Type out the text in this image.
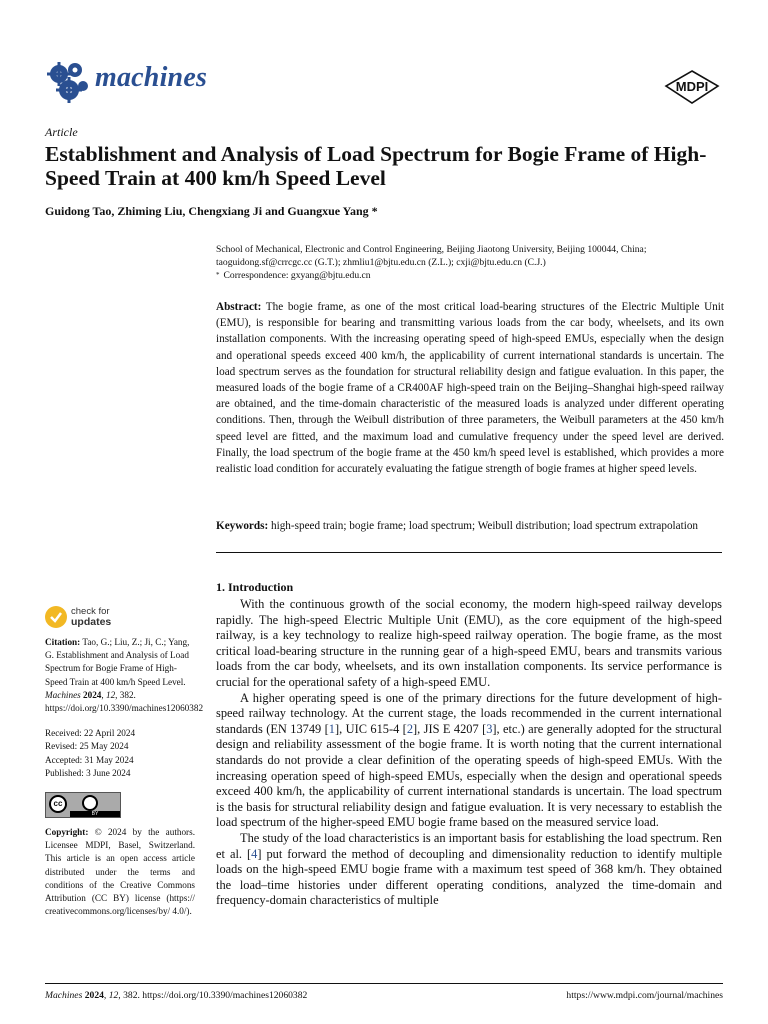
machines	MDPI
Article
Establishment and Analysis of Load Spectrum for Bogie Frame of High-Speed Train at 400 km/h Speed Level
Guidong Tao, Zhiming Liu, Chengxiang Ji and Guangxue Yang *

School of Mechanical, Electronic and Control Engineering, Beijing Jiaotong University, Beijing 100044, China; taoguidong.sf@crrcgc.cc (G.T.); zhmliu1@bjtu.edu.cn (Z.L.); cxji@bjtu.edu.cn (C.J.)

* Correspondence: gxyang@bjtu.edu.cn

Abstract: The bogie frame, as one of the most critical load-bearing structures of the Electric Multiple Unit (EMU), is responsible for bearing and transmitting various loads from the car body, wheelsets, and its own installation components. With the increasing operating speed of high-speed EMUs, especially when the design and operational speeds exceed 400 km/h, the applicability of current international standards is uncertain. The load spectrum serves as the foundation for structural reliability design and fatigue evaluation. In this paper, the measured loads of the bogie frame of a CR400AF high-speed train on the Beijing–Shanghai high-speed railway are obtained, and the time-domain characteristic of the measured loads is analyzed under different operating conditions. Then, through the Weibull distribution of three parameters, the Weibull parameters at the 450 km/h speed level are fitted, and the maximum load and cumulative frequency under the speed level are derived. Finally, the load spectrum of the bogie frame at the 450 km/h speed level is established, which provides a more realistic load condition for accurately evaluating the fatigue strength of bogie frames at higher speed levels.
Keywords: high-speed train; bogie frame; load spectrum; Weibull distribution; load spectrum extrapolation
1. Introduction

With the continuous growth of the social economy, the modern high-speed railway develops rapidly. The high-speed Electric Multiple Unit (EMU), as the core equipment of the high-speed railway, is a key technology to realize high-speed railway operation. The bogie frame, as the most critical load-bearing structure in the running gear of a high-speed EMU, bears and transmits various loads from the car body, wheelsets, and its own installation components. Its service performance is crucial for the operational safety of a high-speed EMU.

A higher operating speed is one of the primary directions for the future development of high-speed railway technology. At the current stage, the loads recommended in the current international standards (EN 13749 [1], UIC 615-4 [2], JIS E 4207 [3], etc.) are generally adopted for the structural design and reliability assessment of the bogie frame. It is worth noting that the current international standards do not provide a clear definition of the operating speeds of high-speed EMUs. With the increasing operation speed of high-speed EMUs, especially when the design and operational speeds exceed 400 km/h, the applicability of current international standards is uncertain. The load spectrum is the basis for structural reliability design and fatigue evaluation. It is very necessary to establish the load spectrum of the higher-speed EMU bogie frame based on the measured service load.

The study of the load characteristics is an important basis for establishing the load spectrum. Ren et al. [4] put forward the method of decoupling and dimensionality reduction to identify multiple loads on the high-speed EMU bogie frame with a maximum test speed of 368 km/h. They obtained the load–time histories under different operating conditions, analyzed the time-domain and frequency-domain characteristics of multiple

check for
updates

Citation: Tao, G.; Liu, Z.; Ji, C.; Yang, G. Establishment and Analysis of Load Spectrum for Bogie Frame of High-Speed Train at 400 km/h Speed Level. Machines 2024, 12, 382. https://doi.org/10.3390/machines12060382

Received: 22 April 2024

Revised: 25 May 2024

Accepted: 31 May 2024

Published: 3 June 2024

cc
BY

Copyright: © 2024 by the authors. Licensee MDPI, Basel, Switzerland. This article is an open access article distributed under the terms and conditions of the Creative Commons Attribution (CC BY) license (https:// creativecommons.org/licenses/by/ 4.0/).

Machines 2024, 12, 382. https://doi.org/10.3390/machines12060382	https://www.mdpi.com/journal/machines
